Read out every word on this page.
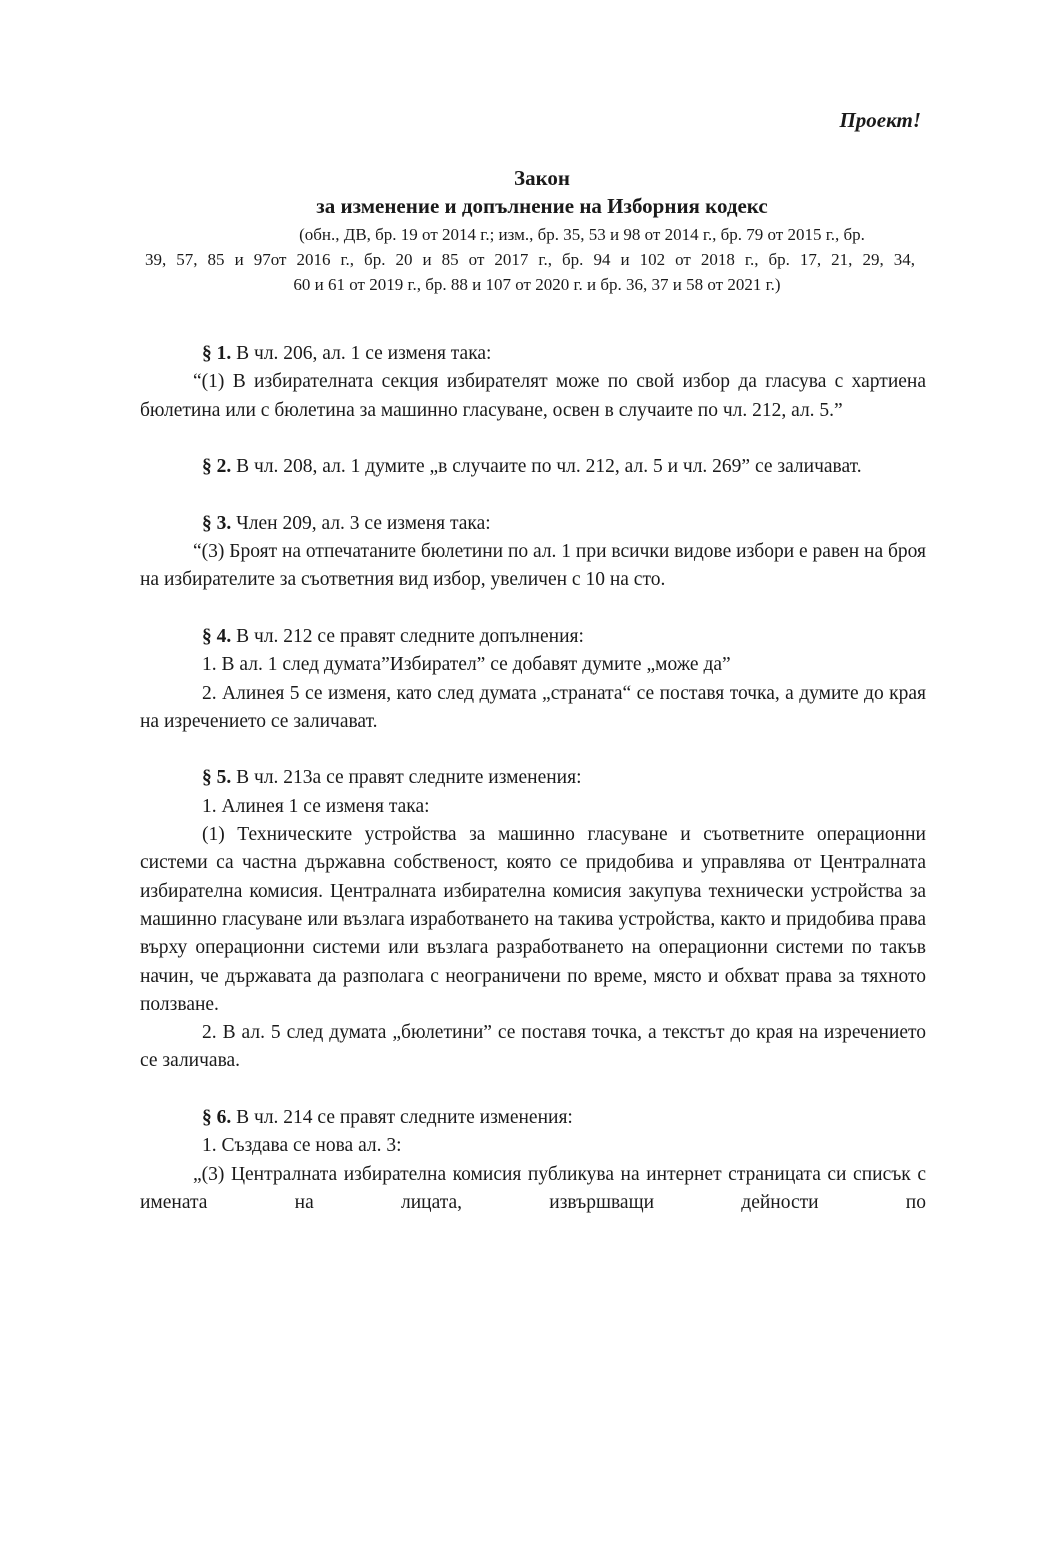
Проект!

Закон

за изменение и допълнение на Изборния кодекс

(обн., ДВ, бр. 19 от 2014 г.; изм., бр. 35, 53 и 98 от 2014 г., бр. 79 от 2015 г., бр.
39, 57, 85 и 97от 2016 г., бр. 20 и 85 от 2017 г., бр. 94 и 102 от 2018 г., бр. 17, 21, 29, 34,
60 и 61 от 2019 г., бр. 88 и 107 от 2020 г. и бр. 36, 37 и 58 от 2021 г.)

§ 1. В чл. 206, ал. 1 се изменя така:

“(1) В избирателната секция избирателят може по свой избор да гласува с хартиена бюлетина или с бюлетина за машинно гласуване, освен в случаите по чл. 212, ал. 5.”

§ 2. В чл. 208, ал. 1 думите „в случаите по чл. 212, ал. 5 и чл. 269” се заличават.

§ 3. Член 209, ал. 3 се изменя така:

“(3) Броят на отпечатаните бюлетини по ал. 1 при всички видове избори е равен на броя на избирателите за съответния вид избор, увеличен с 10 на сто.

§ 4. В чл. 212 се правят следните допълнения:

1. В ал. 1 след думата”Избирател” се добавят думите „може да”

2. Алинея 5 се изменя, като след думата „страната“ се поставя точка, а думите до края на изречението се заличават.

§ 5. В чл. 213а се правят следните изменения:

1. Алинея 1 се изменя така:

(1) Техническите устройства за машинно гласуване и съответните операционни системи са частна държавна собственост, която се придобива и управлява от Централната избирателна комисия. Централната избирателна комисия закупува технически устройства за машинно гласуване или възлага изработването на такива устройства, както и придобива права върху операционни системи или възлага разработването на операционни системи по такъв начин, че държавата да разполага с неограничени по време, място и обхват права за тяхното ползване.

2. В ал. 5 след думата „бюлетини” се поставя точка, а текстът до края на изречението се заличава.

§ 6. В чл. 214 се правят следните изменения:

1. Създава се нова ал. 3:

„(3) Централната избирателна комисия публикува на интернет страницата си списък с имената на лицата, извършващи дейности по
